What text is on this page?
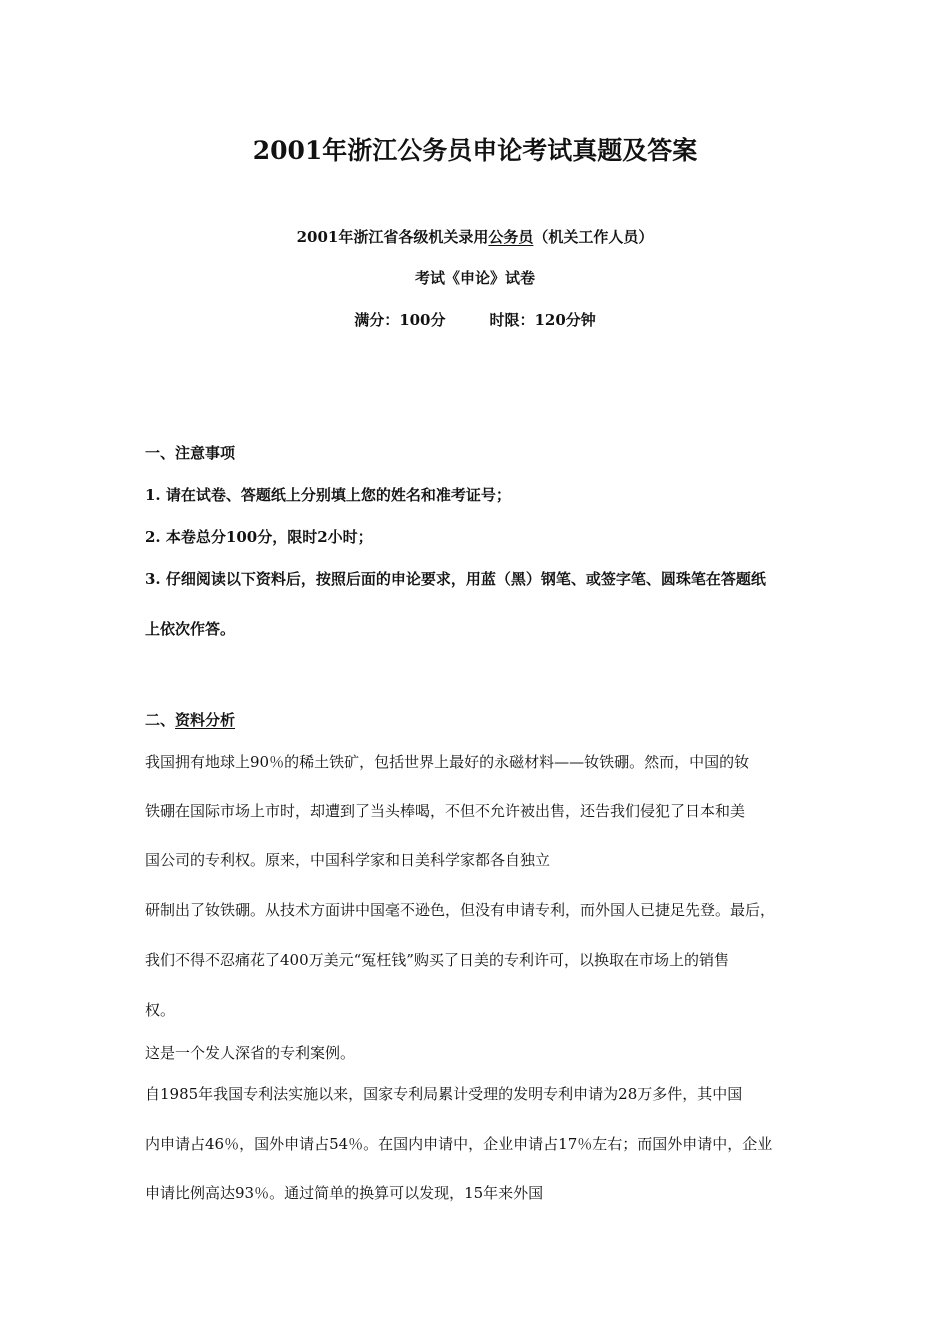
2001年浙江公务员申论考试真题及答案
2001年浙江省各级机关录用公务员（机关工作人员）
考试《申论》试卷
满分：100分	时限：120分钟
一、注意事项
1. 请在试卷、答题纸上分别填上您的姓名和准考证号；
2. 本卷总分100分，限时2小时；
3. 仔细阅读以下资料后，按照后面的申论要求，用蓝（黑）钢笔、或签字笔、圆珠笔在答题纸
上依次作答。
二、资料分析
我国拥有地球上90％的稀土铁矿，包括世界上最好的永磁材料——钕铁硼。然而，中国的钕
铁硼在国际市场上市时，却遭到了当头棒喝，不但不允许被出售，还告我们侵犯了日本和美
国公司的专利权。原来，中国科学家和日美科学家都各自独立
研制出了钕铁硼。从技术方面讲中国毫不逊色，但没有申请专利，而外国人已捷足先登。最后，
我们不得不忍痛花了400万美元“冤枉钱”购买了日美的专利许可，以换取在市场上的销售
权。
这是一个发人深省的专利案例。
自1985年我国专利法实施以来，国家专利局累计受理的发明专利申请为28万多件，其中国
内申请占46％，国外申请占54％。在国内申请中，企业申请占17％左右；而国外申请中，企业
申请比例高达93％。通过简单的换算可以发现，15年来外国
